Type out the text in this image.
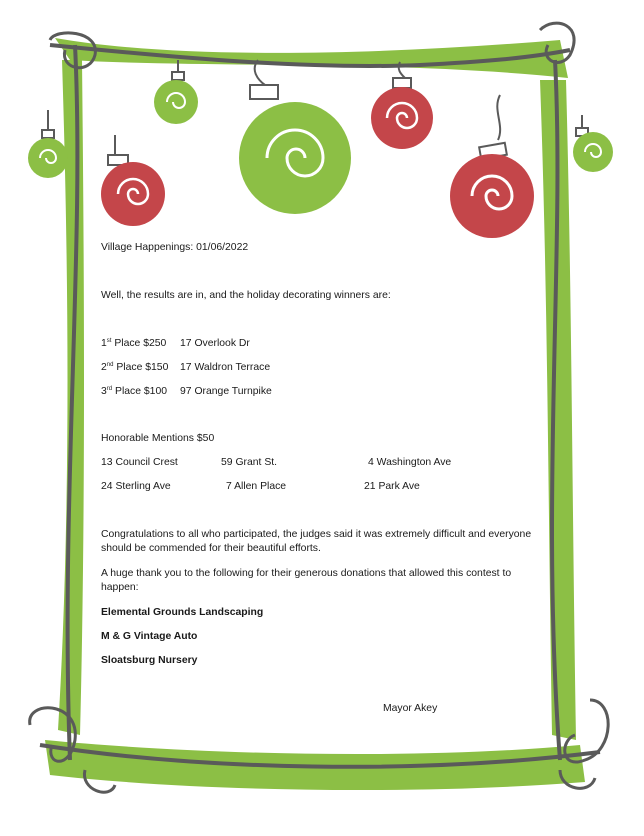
Village Happenings: 01/06/2022
Well, the results are in, and the holiday decorating winners are:
1st Place $250 17 Overlook Dr
2nd Place $150 17 Waldron Terrace
3rd Place $100 97 Orange Turnpike
Honorable Mentions $50
13 Council Crest	59 Grant St.	4 Washington Ave
24 Sterling Ave	7 Allen Place	21 Park Ave
Congratulations to all who participated, the judges said it was extremely difficult and everyone should be commended for their beautiful efforts.
A huge thank you to the following for their generous donations that allowed this contest to happen:
Elemental Grounds Landscaping
M & G Vintage Auto
Sloatsburg Nursery
Mayor Akey
